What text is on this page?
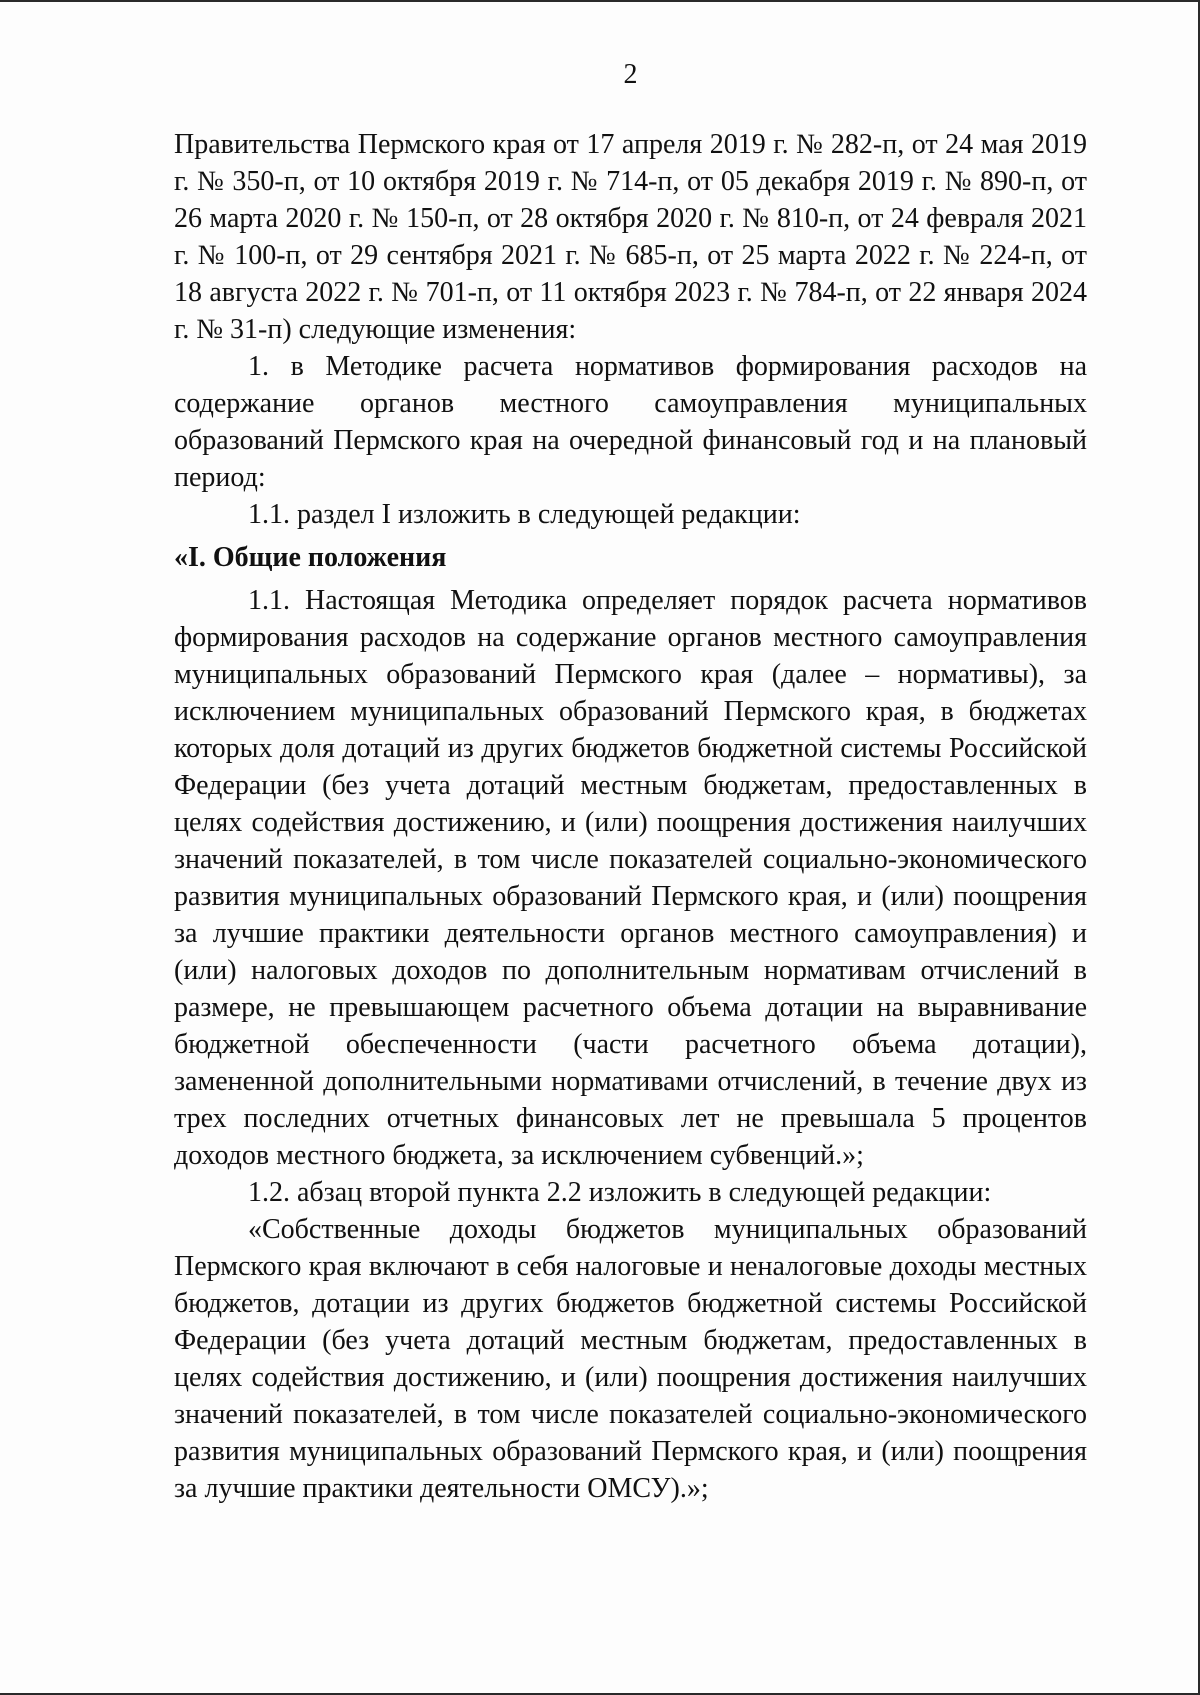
2

Правительства Пермского края от 17 апреля 2019 г. № 282-п, от 24 мая 2019 г. № 350-п, от 10 октября 2019 г. № 714-п, от 05 декабря 2019 г. № 890-п, от 26 марта 2020 г. № 150-п, от 28 октября 2020 г. № 810-п, от 24 февраля 2021 г. № 100-п, от 29 сентября 2021 г. № 685-п, от 25 марта 2022 г. № 224-п, от 18 августа 2022 г. № 701-п, от 11 октября 2023 г. № 784-п, от 22 января 2024 г. № 31-п) следующие изменения:

1. в Методике расчета нормативов формирования расходов на содержание органов местного самоуправления муниципальных образований Пермского края на очередной финансовый год и на плановый период:

1.1. раздел I изложить в следующей редакции:

«I. Общие положения

1.1. Настоящая Методика определяет порядок расчета нормативов формирования расходов на содержание органов местного самоуправления муниципальных образований Пермского края (далее – нормативы), за исключением муниципальных образований Пермского края, в бюджетах которых доля дотаций из других бюджетов бюджетной системы Российской Федерации (без учета дотаций местным бюджетам, предоставленных в целях содействия достижению, и (или) поощрения достижения наилучших значений показателей, в том числе показателей социально-экономического развития муниципальных образований Пермского края, и (или) поощрения за лучшие практики деятельности органов местного самоуправления) и (или) налоговых доходов по дополнительным нормативам отчислений в размере, не превышающем расчетного объема дотации на выравнивание бюджетной обеспеченности (части расчетного объема дотации), замененной дополнительными нормативами отчислений, в течение двух из трех последних отчетных финансовых лет не превышала 5 процентов доходов местного бюджета, за исключением субвенций.»;

1.2. абзац второй пункта 2.2 изложить в следующей редакции:

«Собственные доходы бюджетов муниципальных образований Пермского края включают в себя налоговые и неналоговые доходы местных бюджетов, дотации из других бюджетов бюджетной системы Российской Федерации (без учета дотаций местным бюджетам, предоставленных в целях содействия достижению, и (или) поощрения достижения наилучших значений показателей, в том числе показателей социально-экономического развития муниципальных образований Пермского края, и (или) поощрения за лучшие практики деятельности ОМСУ).»;
